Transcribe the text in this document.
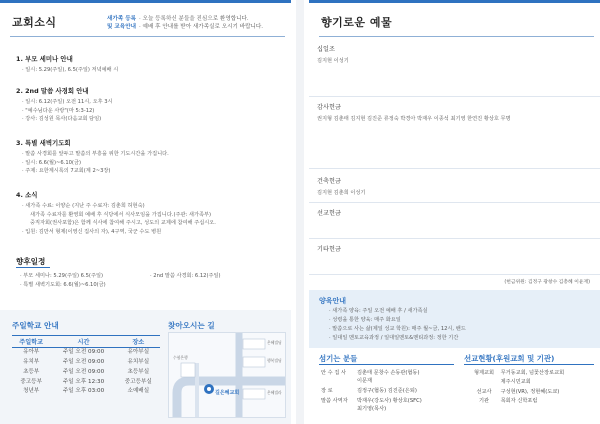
교회소식	새가족 등록
및 교육안내
· 오늘 등록하신 분들을 진심으로 환영합니다.
· 예배 후 안내를 받아 새가족실로 오시기 바랍니다.
1. 부모 세미나 안내
· 일시: 5.29(주일), 6.5(주일) 저녁예배 시
2. 2nd 말씀 사경회 안내
· 일시: 6.12(주일) 오전 11시, 오후 3시
· "예수님다운 사랑"(마 5:3-12)
· 강사: 김성원 목사(다음교회 담임)
3. 특별 새벽기도회
· 말씀 사경회를 앞두고 말씀의 부흥을 위한 기도시간을 가집니다.
· 일시: 6.6(월)~6.10(금)
· 주제: 요한계시록의 7교회(계 2~3장)
4. 소식
· 새가족 수료: 이양순 (지난 주 수료자: 김춘희 허현숙)
새가족 수료자를 환영회 예배 후 식당에서 식사모임을 가집니다.(주관: 새가족부)
중직자회(권사포함)은 함께 식사에 참여해 주시고, 성도의 교제에 참여해 주십시오.
· 입원: 김만서 형제(이영신 집사의 자), 4구역, 국군 수도 병원
향후일정
· 부모 세미나: 5.29(주일) 6.5(주일)
· 특별 새벽기도회: 6.6(월)~6.10(금)
· 2nd 말씀 사경회: 6.12(주일)
주일학교 안내
주일학교	시간	장소
유아부	주일 오전 09:00	유아부실
유치부	주일 오전 09:00	유치부실
초등부	주일 오전 09:00	초등부실
중고등부	주일 오후 12:30	중고등부실
청년부	주일 오후 03:00	소예배실
찾아오시는 길
길은혜교회
은혜빌딩
행복빌딩
은혜빌라
수협은행
향기로운 예물
십일조
김지현 이성기
감사헌금
권지형 김춘태 김지현 김진준 류정숙 박경아 박재우 이종석 최기영 한연진 황상호 무명
건축헌금
김지현 김춘희 이성기
선교헌금
기타헌금
(헌금위원: 김정구 광창수 김총혜 이윤재)
양육안내
· 새가족 양육: 주일 오전 예배 후 / 새가족실
· 성령을 통한 양육: 매주 화요일
· 말씀으로 사는 삶(제일 성교 학원): 매주 월~금, 12시, 밴드
· 일대일 멘토교육과정 / 일대일멘토&멘티과정: 정한 기간
섬기는 분들
안 수 집 사 김춘태 문창수 손동관(협동)
이문재
장 로	김정구(협동) 김진준(은퇴)
말씀 사역자 박재우(강도사) 황상호(SFC)
최기영(목사)
선교현황(후원교회 및 기관)
형제교회 무거동교회, 넘꽃산장로교회
제주시민교회
선교사 구성현(VR), 정현혜(도쿄)
기관 목회자 신학포럼
